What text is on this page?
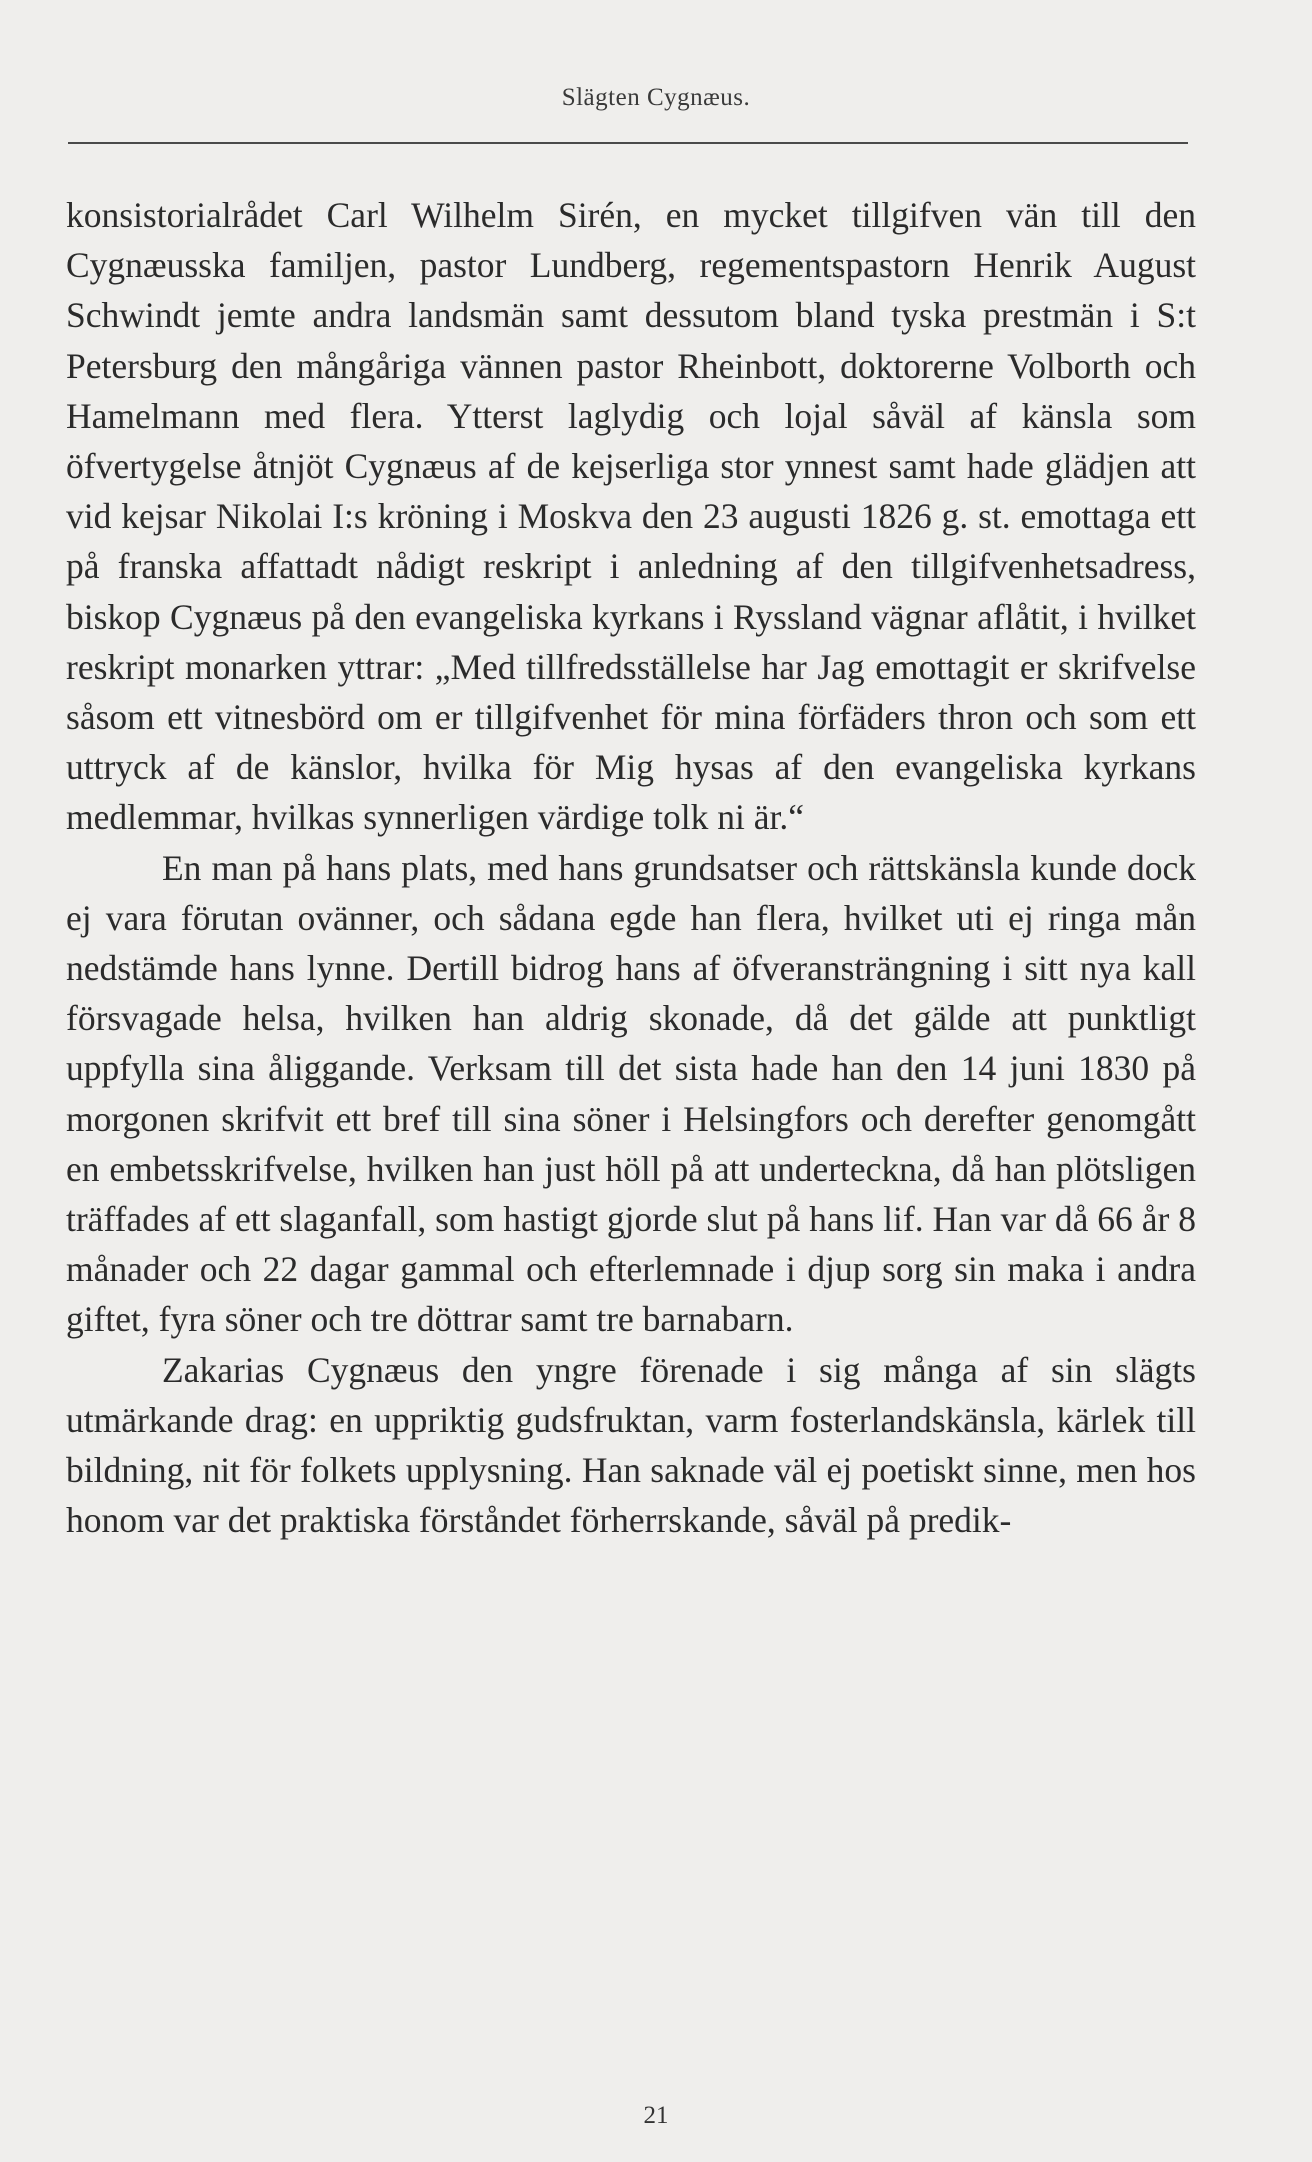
Slägten Cygnæus.

konsistorialrådet Carl Wilhelm Sirén, en mycket tillgifven vän till den Cygnæusska familjen, pastor Lundberg, regementspastorn Henrik August Schwindt jemte andra landsmän samt dessutom bland tyska prestmän i S:t Petersburg den mångåriga vännen pastor Rheinbott, doktorerne Volborth och Hamelmann med flera. Ytterst laglydig och lojal såväl af känsla som öfvertygelse åtnjöt Cygnæus af de kejserliga stor ynnest samt hade glädjen att vid kejsar Nikolai I:s kröning i Moskva den 23 augusti 1826 g. st. emottaga ett på franska affattadt nådigt reskript i anledning af den tillgifvenhetsadress, biskop Cygnæus på den evangeliska kyrkans i Ryssland vägnar aflåtit, i hvilket reskript monarken yttrar: „Med tillfredsställelse har Jag emottagit er skrifvelse såsom ett vitnesbörd om er tillgifvenhet för mina förfäders thron och som ett uttryck af de känslor, hvilka för Mig hysas af den evangeliska kyrkans medlemmar, hvilkas synnerligen värdige tolk ni är.“

En man på hans plats, med hans grundsatser och rättskänsla kunde dock ej vara förutan ovänner, och sådana egde han flera, hvilket uti ej ringa mån nedstämde hans lynne. Dertill bidrog hans af öfveransträngning i sitt nya kall försvagade helsa, hvilken han aldrig skonade, då det gälde att punktligt uppfylla sina åliggande. Verksam till det sista hade han den 14 juni 1830 på morgonen skrifvit ett bref till sina söner i Helsingfors och derefter genomgått en embetsskrifvelse, hvilken han just höll på att underteckna, då han plötsligen träffades af ett slaganfall, som hastigt gjorde slut på hans lif. Han var då 66 år 8 månader och 22 dagar gammal och efterlemnade i djup sorg sin maka i andra giftet, fyra söner och tre döttrar samt tre barnabarn.

Zakarias Cygnæus den yngre förenade i sig många af sin slägts utmärkande drag: en uppriktig gudsfruktan, varm fosterlandskänsla, kärlek till bildning, nit för folkets upplysning. Han saknade väl ej poetiskt sinne, men hos honom var det praktiska förståndet förherrskande, såväl på predik-

21
